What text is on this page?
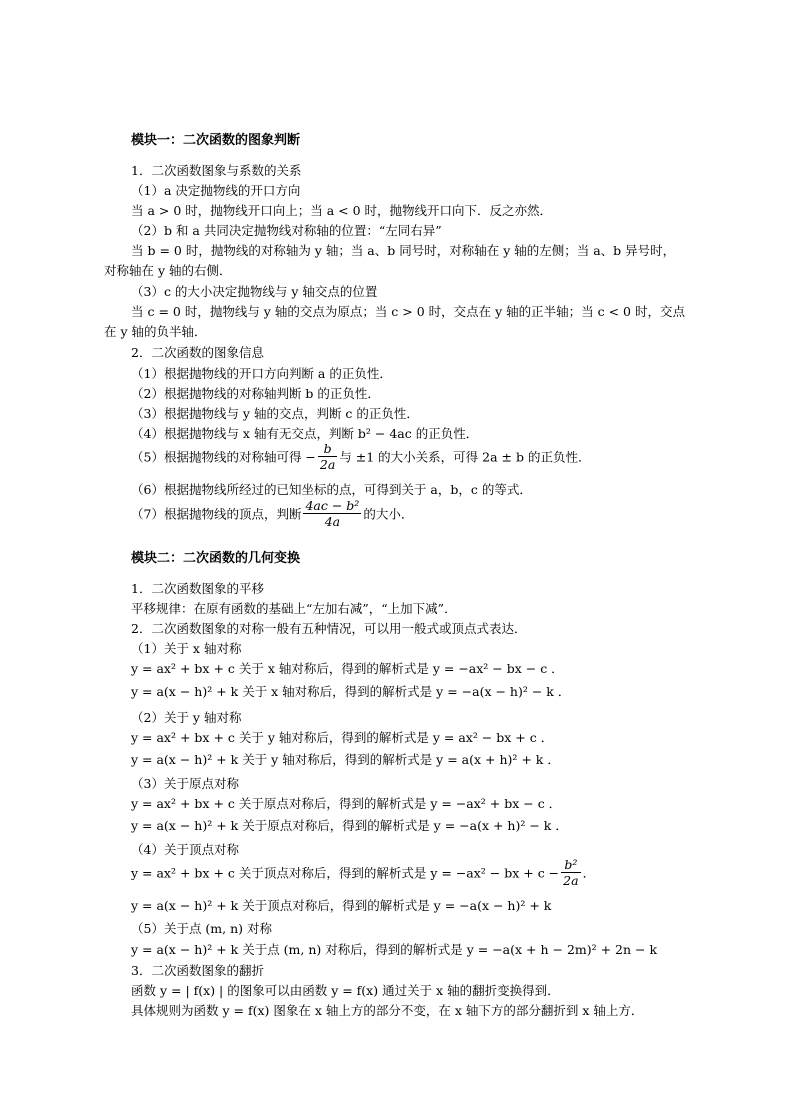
模块一：二次函数的图象判断
1．二次函数图象与系数的关系
（1）a 决定抛物线的开口方向
当 a > 0 时，抛物线开口向上；当 a < 0 时，抛物线开口向下．反之亦然．
（2）b 和 a 共同决定抛物线对称轴的位置：“左同右异”
当 b = 0 时，抛物线的对称轴为 y 轴；当 a、b 同号时，对称轴在 y 轴的左侧；当 a、b 异号时，
对称轴在 y 轴的右侧．
（3）c 的大小决定抛物线与 y 轴交点的位置
当 c = 0 时，抛物线与 y 轴的交点为原点；当 c > 0 时，交点在 y 轴的正半轴；当 c < 0 时，交点
在 y 轴的负半轴．
2．二次函数的图象信息
（1）根据抛物线的开口方向判断 a 的正负性．
（2）根据抛物线的对称轴判断 b 的正负性．
（3）根据抛物线与 y 轴的交点，判断 c 的正负性．
（4）根据抛物线与 x 轴有无交点，判断 b² − 4ac 的正负性．
（5）根据抛物线的对称轴可得 − $\frac{b}{2a}$ 与 ±1 的大小关系，可得 2a ± b 的正负性．
（6）根据抛物线所经过的已知坐标的点，可得到关于 a，b，c 的等式．
（7）根据抛物线的顶点，判断 $\frac{\text{4ac − b²}}{4a}$ 的大小．
模块二：二次函数的几何变换
1．二次函数图象的平移
平移规律：在原有函数的基础上“左加右减”，“上加下减”．
2．二次函数图象的对称一般有五种情况，可以用一般式或顶点式表达．
（1）关于 x 轴对称
y = ax² + bx + c 关于 x 轴对称后，得到的解析式是 y = −ax² − bx − c ．
y = a(x − h)² + k 关于 x 轴对称后，得到的解析式是 y = −a(x − h)² − k ．
（2）关于 y 轴对称
y = ax² + bx + c 关于 y 轴对称后，得到的解析式是 y = ax² − bx + c ．
y = a(x − h)² + k 关于 y 轴对称后，得到的解析式是 y = a(x + h)² + k ．
（3）关于原点对称
y = ax² + bx + c 关于原点对称后，得到的解析式是 y = −ax² + bx − c ．
y = a(x − h)² + k 关于原点对称后，得到的解析式是 y = −a(x + h)² − k ．
（4）关于顶点对称
y = ax² + bx + c 关于顶点对称后，得到的解析式是 y = −ax² − bx + $c - \frac{\text{b²}}{2a}$ ．
y = a(x − h)² + k 关于顶点对称后，得到的解析式是 y = −a(x − h)² + k
（5）关于点 (m, n) 对称
y = a(x − h)² + k 关于点 (m, n) 对称后，得到的解析式是 y = −a(x + h − 2m)² + 2n − k
3．二次函数图象的翻折
函数 y = | f(x) | 的图象可以由函数 y = f(x) 通过关于 x 轴的翻折变换得到．
具体规则为函数 y = f(x) 图象在 x 轴上方的部分不变，在 x 轴下方的部分翻折到 x 轴上方．
